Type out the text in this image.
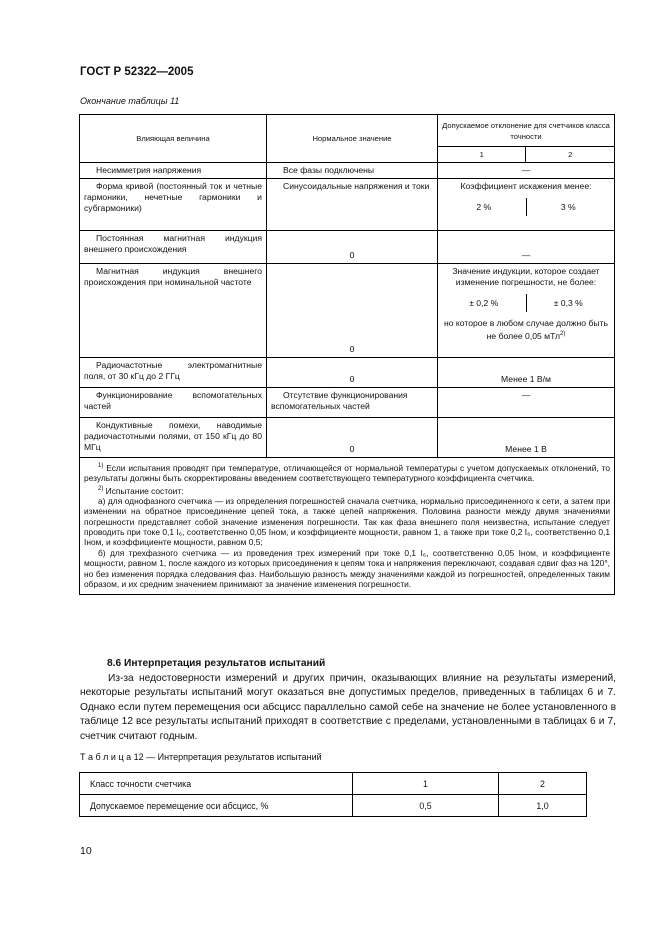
ГОСТ Р 52322—2005
Окончание таблицы 11
Влияющая величина	Нормальное значение	Допускаемое отклонение для счетчиков класса точности	
		1	2
Несимметрия напряжения	Все фазы подключены	—	
Форма кривой (постоянный ток и четные гармоники, нечетные гармоники и субгармоники)	Синусоидальные напряжения и токи	Коэффициент искажения менее:
2 % 3 %	

Постоянная магнитная индукция внешнего происхождения	0	—	
Магнитная индукция внешнего происхождения при номинальной частоте	0	Значение индукции, которое создает изменение погрешности, не более:
± 0,2 % ± 0,3 %
но которое в любом случае должно быть не более 0,05 мТл$^{2)}$

Радиочастотные электромагнитные поля, от 30 кГц до 2 ГГц	0	Менее 1 В/м	
Функционирование вспомогательных частей	Отсутствие функционирования вспомогательных частей	—	
Кондуктивные помехи, наводимые радиочастотными полями, от 150 кГц до 80 МГц	0	Менее 1 В	

$^{1)}$ Если испытания проводят при температуре, отличающейся от нормальной температуры с учетом допускаемых отклонений, то результаты должны быть скорректированы введением соответствующего температурного коэффициента счетчика.

$^{2)}$ Испытание состоит:

а) для однофазного счетчика — из определения погрешностей сначала счетчика, нормально присоединенного к сети, а затем при изменении на обратное присоединение цепей тока, а также цепей напряжения. Половина разности между двумя значениями погрешности представляет собой значение изменения погрешности. Так как фаза внешнего поля неизвестна, испытание следует проводить при токе 0,1 I₆, соответственно 0,05 Iном, и коэффициенте мощности, равном 1, а также при токе 0,2 I₆, соответственно 0,1 Iном, и коэффициенте мощности, равном 0,5;

б) для трехфазного счетчика — из проведения трех измерений при токе 0,1 I₆, соответственно 0,05 Iном, и коэффициенте мощности, равном 1, после каждого из которых присоединения к цепям тока и напряжения переключают, создавая сдвиг фаз на 120°, но без изменения порядка следования фаз. Наибольшую разность между значениями каждой из погрешностей, определенных таким образом, и их средним значением принимают за значение изменения погрешности.			

8.6 Интерпретация результатов испытаний

Из-за недостоверности измерений и других причин, оказывающих влияние на результаты измерений, некоторые результаты испытаний могут оказаться вне допустимых пределов, приведенных в таблицах 6 и 7. Однако если путем перемещения оси абсцисс параллельно самой себе на значение не более установленного в таблице 12 все результаты испытаний приходят в соответствие с пределами, установленными в таблицах 6 и 7, счетчик считают годным.

Т а б л и ц а 12 — Интерпретация результатов испытаний
Класс точности счетчика	1	2
Допускаемое перемещение оси абсцисс, %	0,5	1,0
10
